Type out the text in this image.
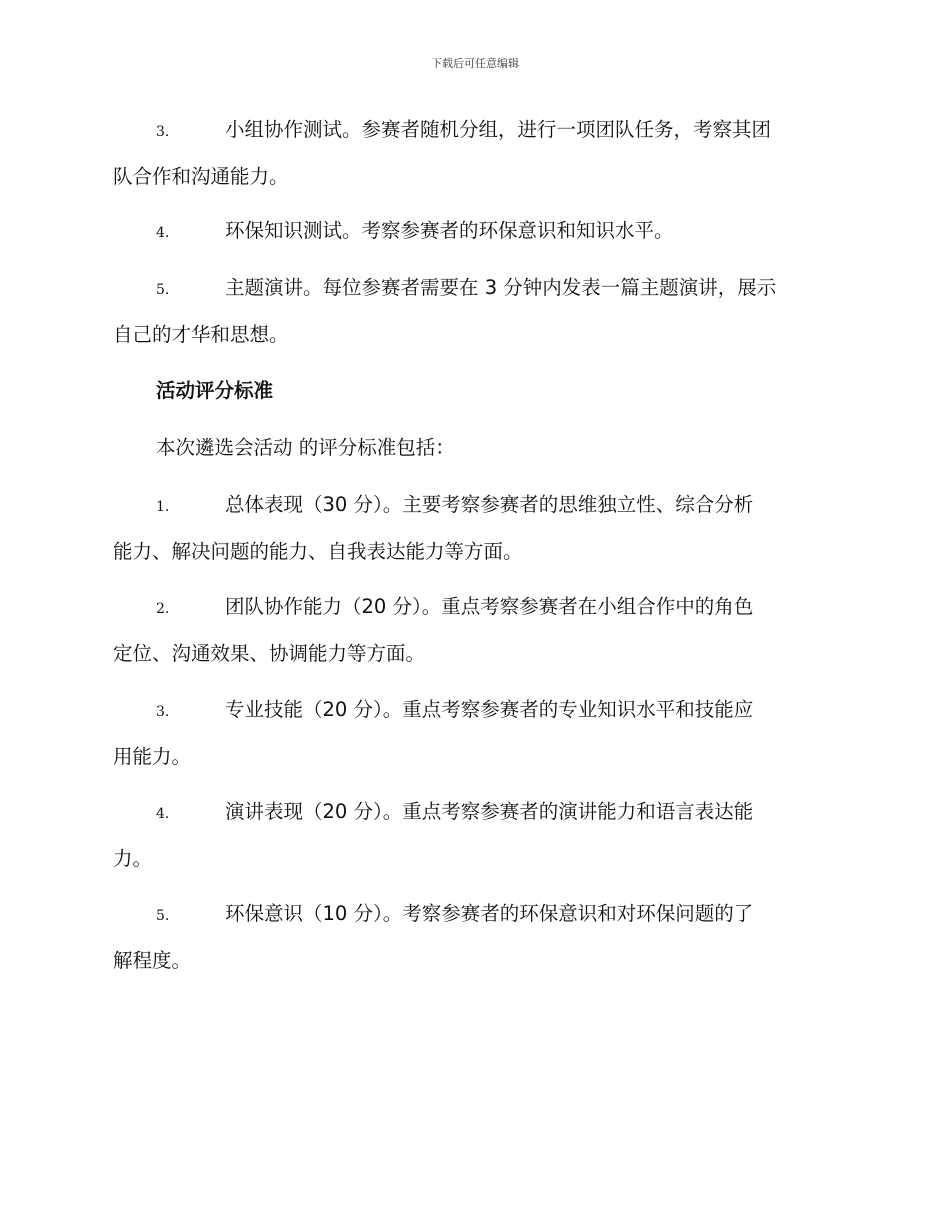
下载后可任意编辑
3.	小组协作测试。参赛者随机分组，进行一项团队任务，考察其团
队合作和沟通能力。
4.	环保知识测试。考察参赛者的环保意识和知识水平。
5.	主题演讲。每位参赛者需要在 3 分钟内发表一篇主题演讲，展示
自己的才华和思想。
活动评分标准
本次遴选会活动 的评分标准包括：
1.	总体表现（30 分）。主要考察参赛者的思维独立性、综合分析
能力、解决问题的能力、自我表达能力等方面。
2.	团队协作能力（20 分）。重点考察参赛者在小组合作中的角色
定位、沟通效果、协调能力等方面。
3.	专业技能（20 分）。重点考察参赛者的专业知识水平和技能应
用能力。
4.	演讲表现（20 分）。重点考察参赛者的演讲能力和语言表达能
力。
5.	环保意识（10 分）。考察参赛者的环保意识和对环保问题的了
解程度。
